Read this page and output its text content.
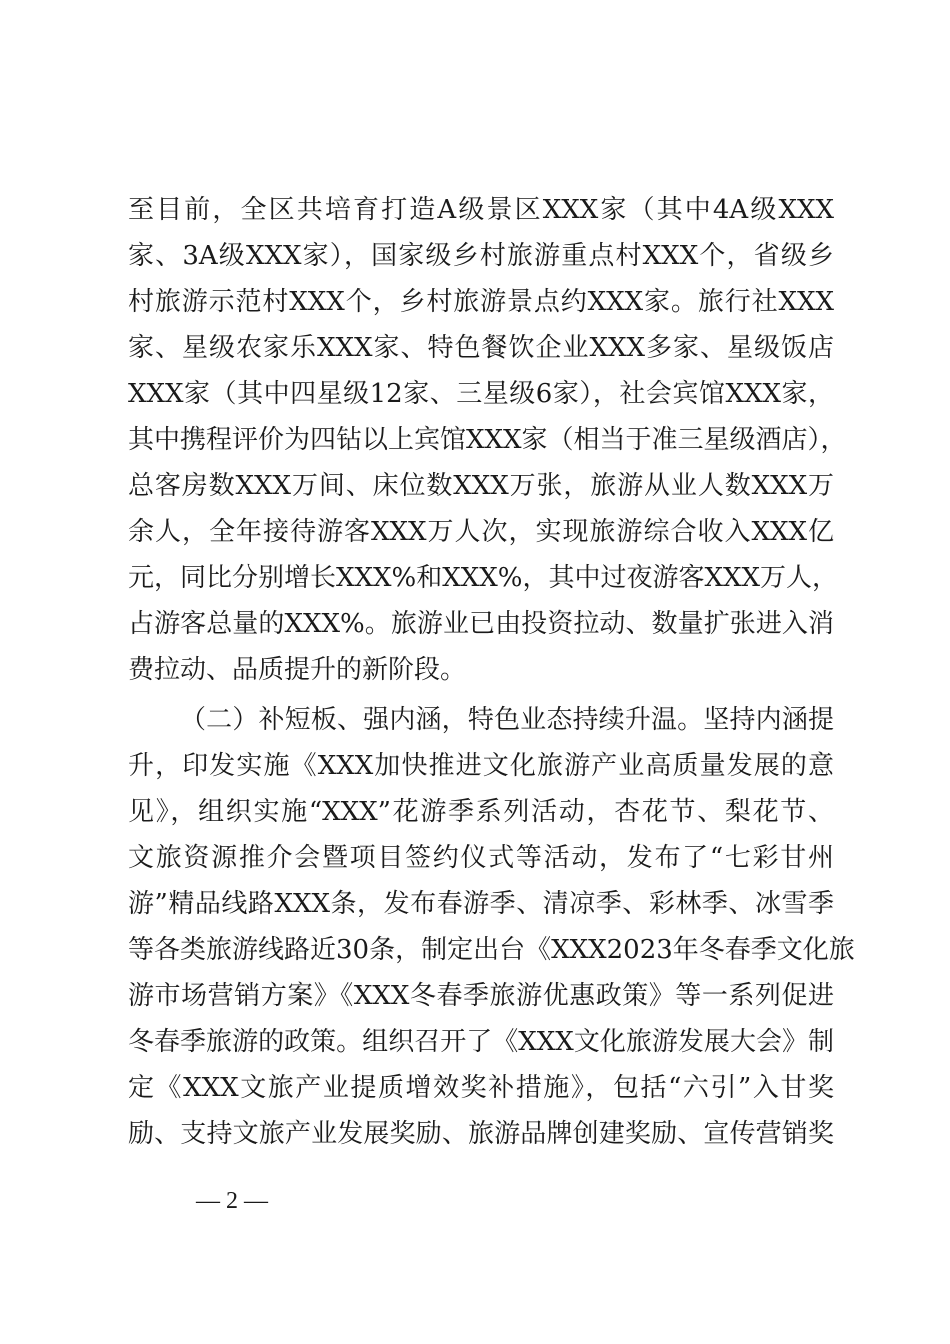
至目前，全区共培育打造A级景区XXX家（其中4A级XXX
家、3A级XXX家），国家级乡村旅游重点村XXX个，省级乡
村旅游示范村XXX个，乡村旅游景点约XXX家。旅行社XXX
家、星级农家乐XXX家、特色餐饮企业XXX多家、星级饭店
XXX家（其中四星级12家、三星级6家），社会宾馆XXX家，
其中携程评价为四钻以上宾馆XXX家（相当于准三星级酒店），
总客房数XXX万间、床位数XXX万张，旅游从业人数XXX万
余人，全年接待游客XXX万人次，实现旅游综合收入XXX亿
元，同比分别增长XXX%和XXX%，其中过夜游客XXX万人，
占游客总量的XXX%。旅游业已由投资拉动、数量扩张进入消
费拉动、品质提升的新阶段。
（二）补短板、强内涵，特色业态持续升温。坚持内涵提
升，印发实施《XXX加快推进文化旅游产业高质量发展的意
见》，组织实施“XXX”花游季系列活动，杏花节、梨花节、
文旅资源推介会暨项目签约仪式等活动，发布了“七彩甘州
游”精品线路XXX条，发布春游季、清凉季、彩林季、冰雪季
等各类旅游线路近30条，制定出台《XXX2023年冬春季文化旅
游市场营销方案》《XXX冬春季旅游优惠政策》等一系列促进
冬春季旅游的政策。组织召开了《XXX文化旅游发展大会》制
定《XXX文旅产业提质增效奖补措施》，包括“六引”入甘奖
励、支持文旅产业发展奖励、旅游品牌创建奖励、宣传营销奖
— 2 —
